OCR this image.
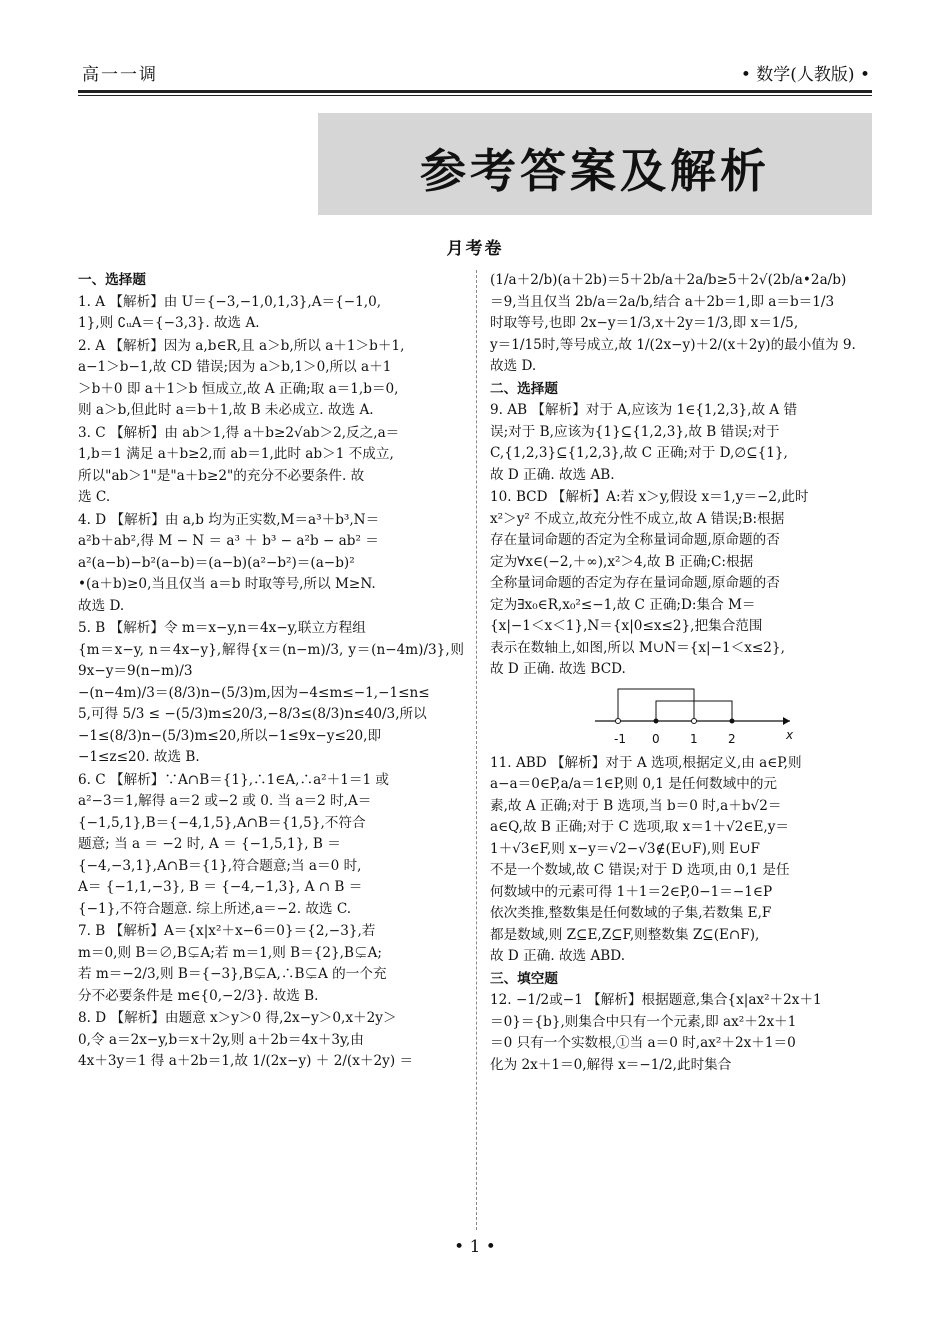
高一一调	• 数学(人教版) •
参考答案及解析
月考卷
一、选择题
1. A 【解析】由 U＝{−3,−1,0,1,3},A＝{−1,0,
1},则 ∁ᵤA＝{−3,3}. 故选 A.
2. A 【解析】因为 a,b∈R,且 a＞b,所以 a＋1＞b＋1,
a−1＞b−1,故 CD 错误;因为 a＞b,1＞0,所以 a＋1
＞b＋0 即 a＋1＞b 恒成立,故 A 正确;取 a＝1,b＝0,
则 a＞b,但此时 a＝b＋1,故 B 未必成立. 故选 A.
3. C 【解析】由 ab＞1,得 a＋b≥2√ab＞2,反之,a＝
1,b＝1 满足 a＋b≥2,而 ab＝1,此时 ab＞1 不成立,
所以"ab＞1"是"a＋b≥2"的充分不必要条件. 故
选 C.
4. D 【解析】由 a,b 均为正实数,M＝a³＋b³,N＝
a²b＋ab²,得 M − N ＝ a³ ＋ b³ − a²b − ab² ＝
a²(a−b)−b²(a−b)＝(a−b)(a²−b²)＝(a−b)²
•(a＋b)≥0,当且仅当 a＝b 时取等号,所以 M≥N.
故选 D.
5. B 【解析】令 m＝x−y,n＝4x−y,联立方程组
{m＝x−y, n＝4x−y},解得{x＝(n−m)/3, y＝(n−4m)/3},则 9x−y＝9(n−m)/3
−(n−4m)/3＝(8/3)n−(5/3)m,因为−4≤m≤−1,−1≤n≤
5,可得 5/3 ≤ −(5/3)m≤20/3,−8/3≤(8/3)n≤40/3,所以
−1≤(8/3)n−(5/3)m≤20,所以−1≤9x−y≤20,即
−1≤z≤20. 故选 B.
6. C 【解析】∵A∩B＝{1},∴1∈A,∴a²＋1＝1 或
a²−3＝1,解得 a＝2 或−2 或 0. 当 a＝2 时,A＝
{−1,5,1},B＝{−4,1,5},A∩B＝{1,5},不符合
题意; 当 a ＝ −2 时, A ＝ {−1,5,1}, B ＝
{−4,−3,1},A∩B＝{1},符合题意;当 a＝0 时,
A＝ {−1,1,−3}, B ＝ {−4,−1,3}, A ∩ B ＝
{−1},不符合题意. 综上所述,a＝−2. 故选 C.
7. B 【解析】A＝{x|x²＋x−6＝0}＝{2,−3},若
m＝0,则 B＝∅,B⊊A;若 m＝1,则 B＝{2},B⊊A;
若 m＝−2/3,则 B＝{−3},B⊊A,∴B⊊A 的一个充
分不必要条件是 m∈{0,−2/3}. 故选 B.
8. D 【解析】由题意 x＞y＞0 得,2x−y＞0,x＋2y＞
0,令 a＝2x−y,b＝x＋2y,则 a＋2b＝4x＋3y,由
4x＋3y＝1 得 a＋2b＝1,故 1/(2x−y) ＋ 2/(x＋2y) ＝
(1/a＋2/b)(a＋2b)＝5＋2b/a＋2a/b≥5＋2√(2b/a•2a/b)
＝9,当且仅当 2b/a＝2a/b,结合 a＋2b＝1,即 a＝b＝1/3
时取等号,也即 2x−y＝1/3,x＋2y＝1/3,即 x＝1/5,
y＝1/15时,等号成立,故 1/(2x−y)＋2/(x＋2y)的最小值为 9.
故选 D.
二、选择题
9. AB 【解析】对于 A,应该为 1∈{1,2,3},故 A 错
误;对于 B,应该为{1}⊆{1,2,3},故 B 错误;对于
C,{1,2,3}⊆{1,2,3},故 C 正确;对于 D,∅⊆{1},
故 D 正确. 故选 AB.
10. BCD 【解析】A:若 x＞y,假设 x＝1,y＝−2,此时
x²＞y² 不成立,故充分性不成立,故 A 错误;B:根据
存在量词命题的否定为全称量词命题,原命题的否
定为∀x∈(−2,＋∞),x²＞4,故 B 正确;C:根据
全称量词命题的否定为存在量词命题,原命题的否
定为∃x₀∈R,x₀²≤−1,故 C 正确;D:集合 M＝
{x|−1＜x＜1},N＝{x|0≤x≤2},把集合范围
表示在数轴上,如图,所以 M∪N＝{x|−1＜x≤2},
故 D 正确. 故选 BCD.
-1 0	1	2	x
11. ABD 【解析】对于 A 选项,根据定义,由 a∈P,则
a−a＝0∈P,a/a＝1∈P,则 0,1 是任何数域中的元
素,故 A 正确;对于 B 选项,当 b＝0 时,a＋b√2＝
a∈Q,故 B 正确;对于 C 选项,取 x＝1＋√2∈E,y＝
1＋√3∈F,则 x−y＝√2−√3∉(E∪F),则 E∪F
不是一个数域,故 C 错误;对于 D 选项,由 0,1 是任
何数域中的元素可得 1＋1＝2∈P,0−1＝−1∈P
依次类推,整数集是任何数域的子集,若数集 E,F
都是数域,则 Z⊆E,Z⊆F,则整数集 Z⊆(E∩F),
故 D 正确. 故选 ABD.
三、填空题
12. −1/2或−1 【解析】根据题意,集合{x|ax²＋2x＋1
＝0}＝{b},则集合中只有一个元素,即 ax²＋2x＋1
＝0 只有一个实数根,①当 a＝0 时,ax²＋2x＋1＝0
化为 2x＋1＝0,解得 x＝−1/2,此时集合
• 1 •
